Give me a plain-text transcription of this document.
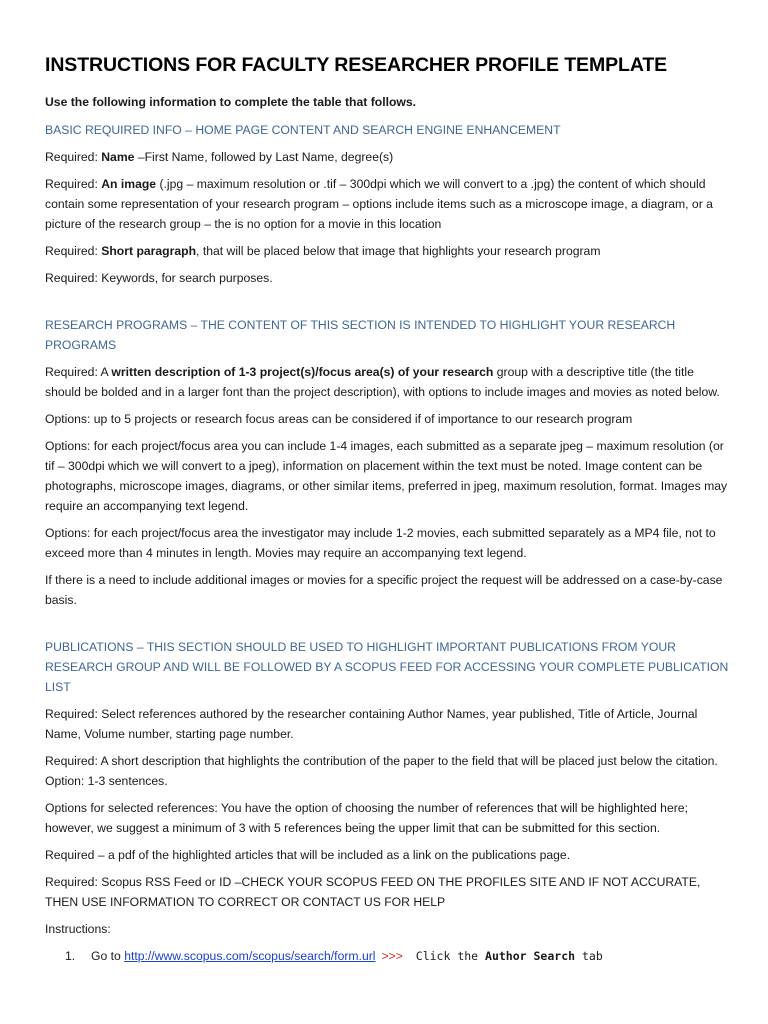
INSTRUCTIONS FOR FACULTY RESEARCHER PROFILE TEMPLATE
Use the following information to complete the table that follows.
BASIC REQUIRED INFO – HOME PAGE CONTENT AND SEARCH ENGINE ENHANCEMENT
Required: Name –First Name, followed by Last Name, degree(s)
Required: An image (.jpg – maximum resolution or .tif – 300dpi which we will convert to a .jpg) the content of which should contain some representation of your research program – options include items such as a microscope image, a diagram, or a picture of the research group – the is no option for a movie in this location
Required: Short paragraph, that will be placed below that image that highlights your research program
Required: Keywords, for search purposes.
RESEARCH PROGRAMS – THE CONTENT OF THIS SECTION IS INTENDED TO HIGHLIGHT YOUR RESEARCH PROGRAMS
Required: A written description of 1-3 project(s)/focus area(s) of your research group with a descriptive title (the title should be bolded and in a larger font than the project description), with options to include images and movies as noted below.
Options: up to 5 projects or research focus areas can be considered if of importance to our research program
Options: for each project/focus area you can include 1-4 images, each submitted as a separate jpeg – maximum resolution (or tif – 300dpi which we will convert to a jpeg), information on placement within the text must be noted. Image content can be photographs, microscope images, diagrams, or other similar items, preferred in jpeg, maximum resolution, format. Images may require an accompanying text legend.
Options: for each project/focus area the investigator may include 1-2 movies, each submitted separately as a MP4 file, not to exceed more than 4 minutes in length. Movies may require an accompanying text legend.
If there is a need to include additional images or movies for a specific project the request will be addressed on a case-by-case basis.
PUBLICATIONS – THIS SECTION SHOULD BE USED TO HIGHLIGHT IMPORTANT PUBLICATIONS FROM YOUR RESEARCH GROUP AND WILL BE FOLLOWED BY A SCOPUS FEED FOR ACCESSING YOUR COMPLETE PUBLICATION LIST
Required: Select references authored by the researcher containing Author Names, year published, Title of Article, Journal Name, Volume number, starting page number.
Required: A short description that highlights the contribution of the paper to the field that will be placed just below the citation. Option: 1-3 sentences.
Options for selected references: You have the option of choosing the number of references that will be highlighted here; however, we suggest a minimum of 3 with 5 references being the upper limit that can be submitted for this section.
Required – a pdf of the highlighted articles that will be included as a link on the publications page.
Required: Scopus RSS Feed or ID –CHECK YOUR SCOPUS FEED ON THE PROFILES SITE AND IF NOT ACCURATE, THEN USE INFORMATION TO CORRECT OR CONTACT US FOR HELP
Instructions:
1.	Go to http://www.scopus.com/scopus/search/form.url >>> Click the Author Search tab
